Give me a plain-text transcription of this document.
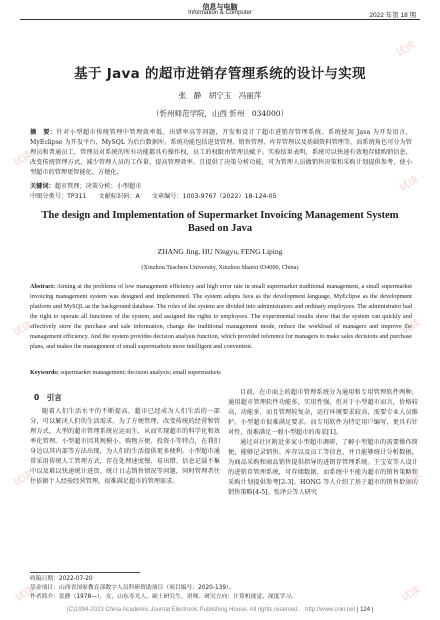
信息与电脑
Information & Computer	2022 年第 18 期
基于 Java 的超市进销存管理系统的设计与实现
张　静　胡宁玉　冯丽萍
（忻州师范学院，山西 忻州　034000）
摘　要：针对小型超市传统管理中管理效率低、出错率高等问题，开发和设计了超市进销存管理系统。系统使用 Java 为开发语言，MyEclipse 为开发平台，MySQL 为后台数据库。系统功能包括进货管理、销售管理、库存管理以及基础资料管理等，而系统角色可分为管理员和普通员工，管理员对系统的所有功能都具有操作权，员工的权限由管理员赋予。实验结果表明，系统可以快速有效地存储购销信息，改变传统管理方式，减少管理人员的工作量，提高管理效率。且提供了决策分析功能，可为管理人员做销售决策和采购计划提供参考，使小型超市的管理更智能化、方便化。
关键词：超市管理；决策分析；小型超市
中图分类号：TP311 文献标识码：A 文章编号：1003-9767（2022）18-124-05
The design and Implementation of Supermarket Invoicing Management System Based on Java
ZHANG Jing, HU Ningyu, FENG Liping
(Xinzhou Teachers University, Xinzhou Shanxi 034000, China)
Abstract: Aiming at the problems of low management efficiency and high error rate in small supermarket traditional management, a small supermarket invoicing management system was designed and implemented. The system adopts Java as the development language, MyEclipse as the development platform and MySQL as the background database. The roles of the system are divided into administrators and ordinary employees. The administrator had the right to operate all functions of the system, and assigned the rights to employees. The experimental results show that the system can quickly and effectively store the purchase and sale information, change the traditional management mode, reduce the workload of managers and improve the management efficiency. And the system provides decision analysis function, which provided reference for managers to make sales decisions and purchase plans, and makes the management of small supermarkets more intelligent and convenient.
Keywords: supermarket management; decision analysis; small supermarkets
0　引言
随着人们生活水平的不断提高，超市已经成为人们生活的一部分，可以解决人们的生活需求。为了方便管理，改变传统的经营和管理方式，大型的超市管理系统应运而生，从而实现超市的科学化和效率化管理。小型超市因其规模小、购物方便、投资小等特点，在我们身边以其内部等方法出现，为人们的生活提供更多便利。小型超市通常采用传统人工管理方式，存在处理速度慢、易出错、信息记载不集中以及难以快速统计进货、统计日志销售情况等问题，同时管理者往往依据个人经验经营管理，很难满足超市的管理需求。

目前，在市面上的超市管理系统分为通用和专用管理软件两种，通用超市管理软件功能多，实用性强，但对于小型超市而言，价格较高，功能多，而且管理较复杂，运行环境要求较高，需要专业人员维护。小型超市很难满足要求。而专用软件为特定用户编写，更具有针对性，很难满足一般小型超市的需求[1]。

通过对社区附近多家小型超市调研，了解小型超市的需要操作简便，能够记录销售、库存以及员工等信息，并且能够统计分析数据，为商品采购和商品销售提供指导的进销存管理系统。王宝安等人设计的进销存管理系统，可存储数据，而系统中不能为超市的销售策略和采购计划提供参考[2-3]。HONG 等人介绍了基于超市的销售数据的销售策略[4-5]。张泽公等人研究

收稿日期：2022-07-20
基金项目：山西省国家教育部数字人员科研资助项目（项目编号：2020-139）。
作者简介：张静（1978—），女，山东寿光人，硕士研究生，讲师。研究方向：计算机视觉、深度学习。
(C)1994-2023 China Academic Journal Electronic Publishing House. All rights reserved.　http://www.cnki.net | 124 |
试读
试读
试读
试读	试读
试读	试读
试读	试读
